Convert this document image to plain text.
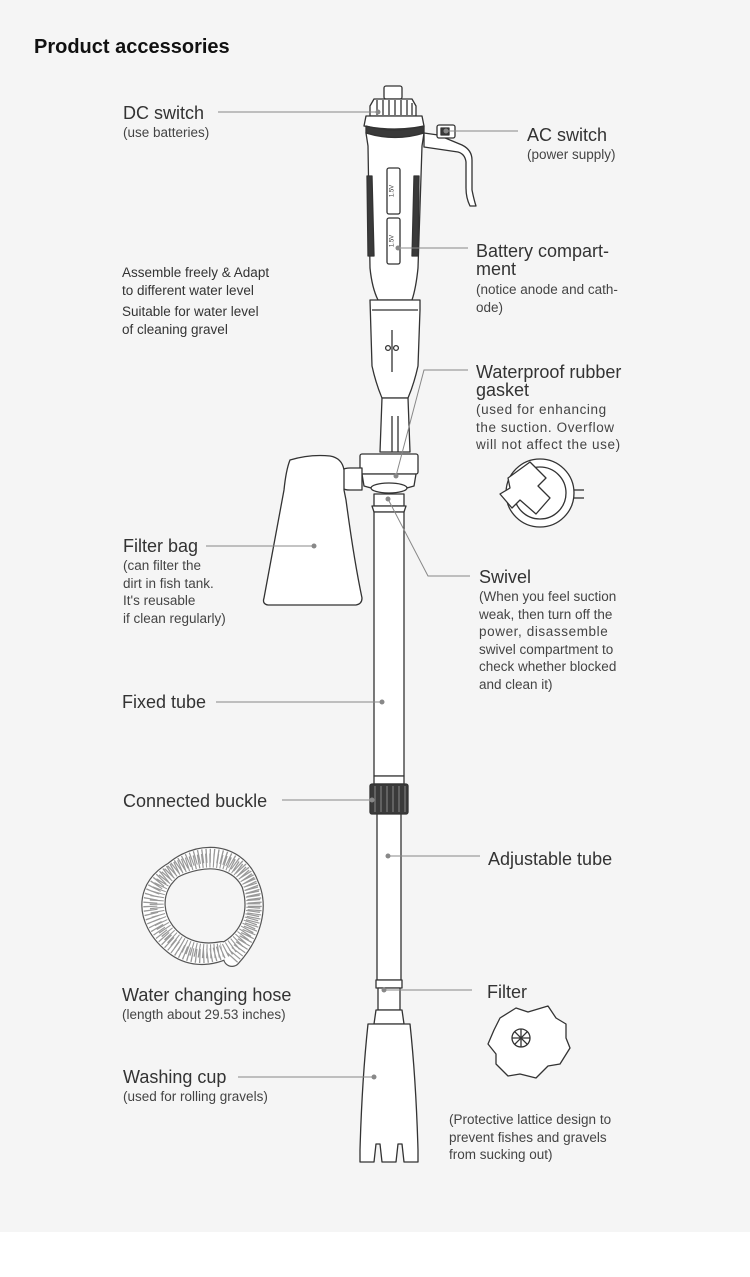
Product accessories
1.5V
1.5V
DC switch
(use batteries)	AC switch
(power supply)
Battery compart-
ment
(notice anode and cath-
ode)
Assemble freely & Adapt
to different water level
Suitable for water level
of cleaning gravel
Waterproof rubber
gasket
(used for enhancing
the suction. Overflow
will not affect the use)
Filter bag
(can filter the
dirt in fish tank.
It's reusable
if clean regularly)
Swivel
(When you feel suction
weak, then turn off the
power, disassemble
swivel compartment to
check whether blocked
and clean it)
Fixed tube
Connected buckle
Adjustable tube
Water changing hose
(length about 29.53 inches)
Filter
(Protective lattice design to
prevent fishes and gravels
from sucking out)
Washing cup
(used for rolling gravels)
